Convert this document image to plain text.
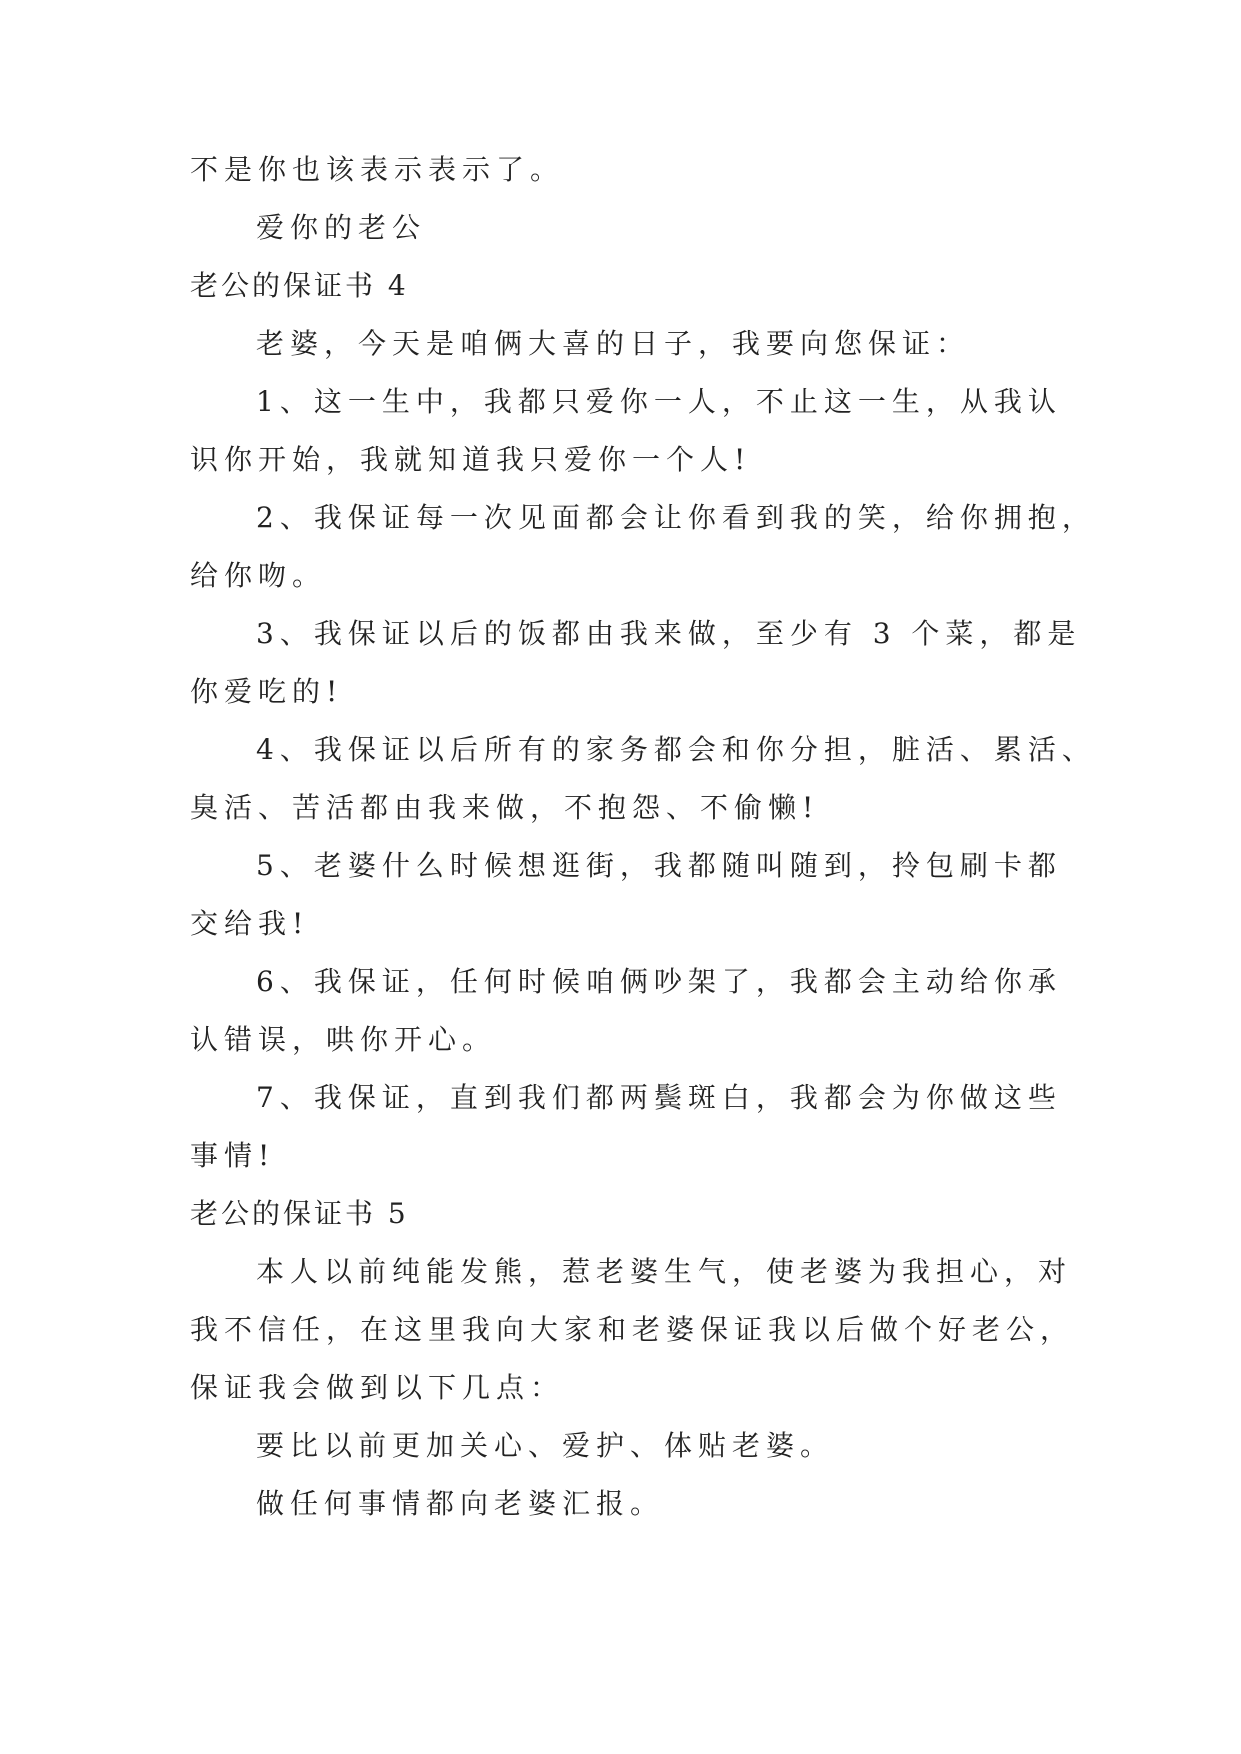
不是你也该表示表示了。
爱你的老公
老公的保证书 4
老婆，今天是咱俩大喜的日子，我要向您保证：
1、这一生中，我都只爱你一人，不止这一生，从我认
识你开始，我就知道我只爱你一个人!
2、我保证每一次见面都会让你看到我的笑，给你拥抱，
给你吻。
3、我保证以后的饭都由我来做，至少有 3 个菜，都是
你爱吃的!
4、我保证以后所有的家务都会和你分担，脏活、累活、
臭活、苦活都由我来做，不抱怨、不偷懒!
5、老婆什么时候想逛街，我都随叫随到，拎包刷卡都
交给我!
6、我保证，任何时候咱俩吵架了，我都会主动给你承
认错误，哄你开心。
7、我保证，直到我们都两鬓斑白，我都会为你做这些
事情!
老公的保证书 5
本人以前纯能发熊，惹老婆生气，使老婆为我担心，对
我不信任，在这里我向大家和老婆保证我以后做个好老公，
保证我会做到以下几点：
要比以前更加关心、爱护、体贴老婆。
做任何事情都向老婆汇报。
